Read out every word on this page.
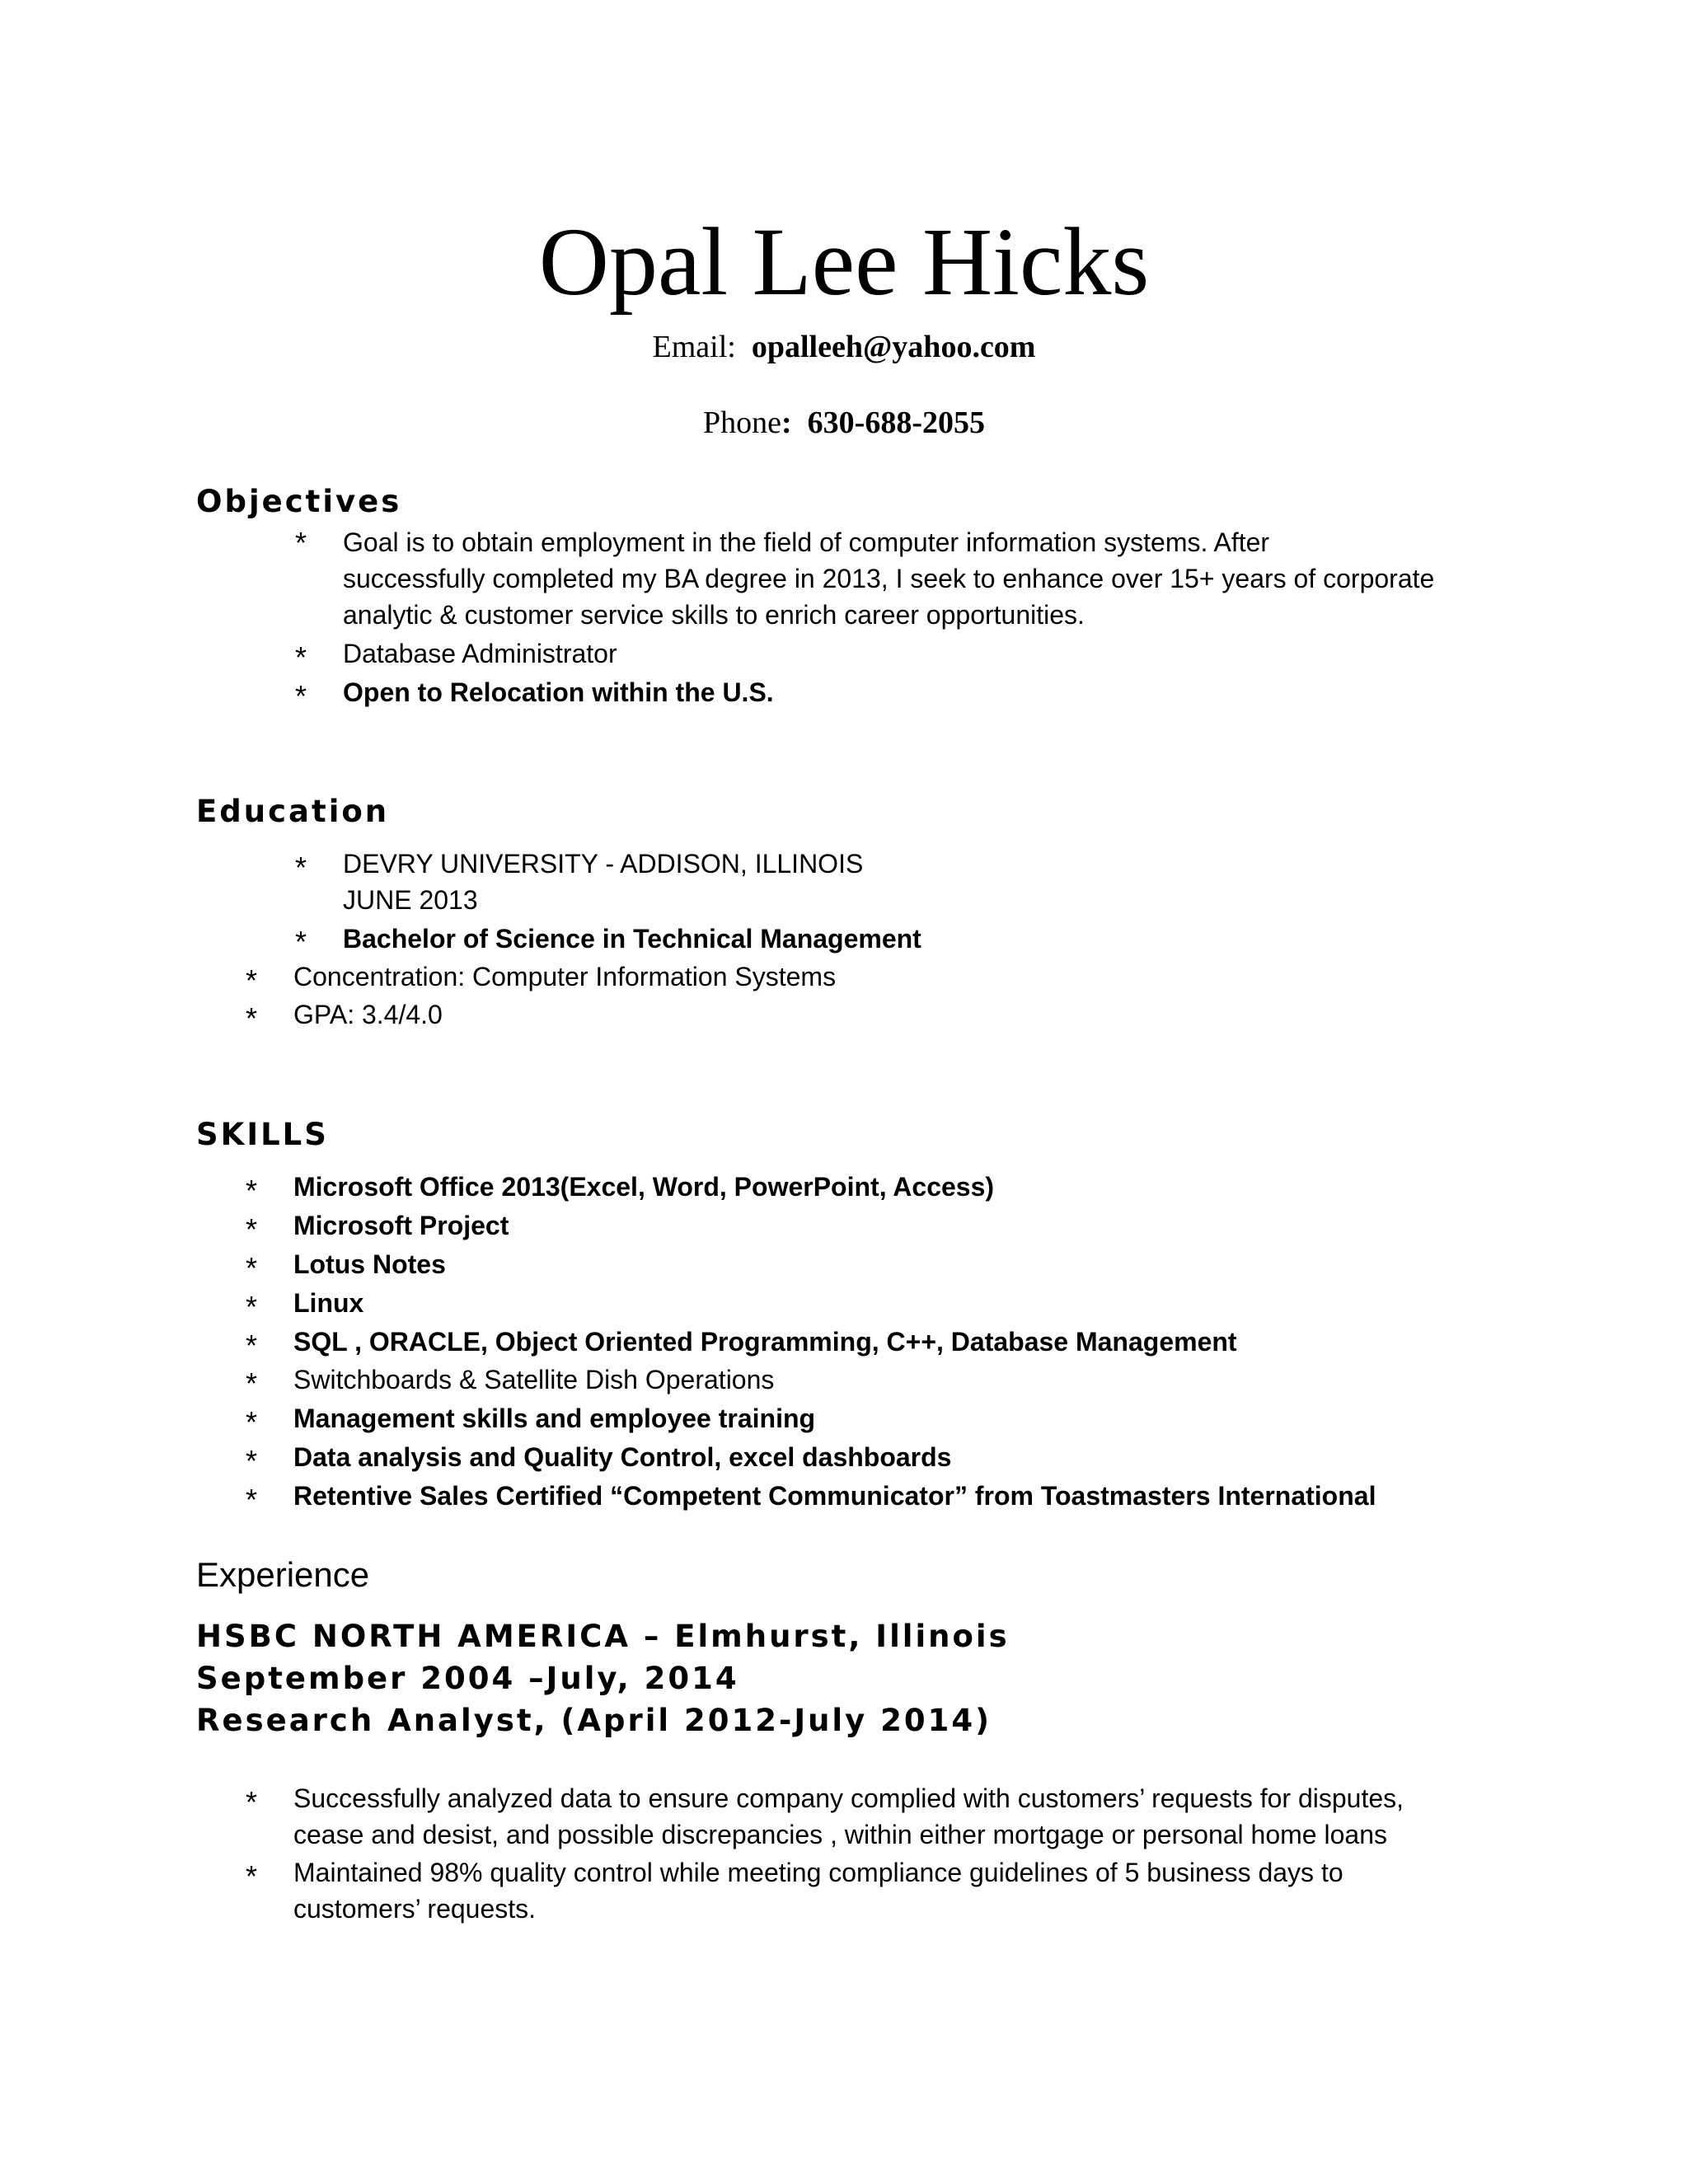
Opal Lee Hicks
Email: opalleeh@yahoo.com
Phone: 630-688-2055
Objectives
* Goal is to obtain employment in the field of computer information systems. After
successfully completed my BA degree in 2013, I seek to enhance over 15+ years of corporate
analytic & customer service skills to enrich career opportunities.
* Database Administrator
* Open to Relocation within the U.S.
Education
* DEVRY UNIVERSITY - ADDISON, ILLINOIS
JUNE 2013
* Bachelor of Science in Technical Management
* Concentration: Computer Information Systems
* GPA: 3.4/4.0
SKILLS
* Microsoft Office 2013(Excel, Word, PowerPoint, Access)
* Microsoft Project
* Lotus Notes
* Linux
* SQL , ORACLE, Object Oriented Programming, C++, Database Management
* Switchboards & Satellite Dish Operations
* Management skills and employee training
* Data analysis and Quality Control, excel dashboards
* Retentive Sales Certified “Competent Communicator” from Toastmasters International
Experience
HSBC NORTH AMERICA – Elmhurst, Illinois
September 2004 –July, 2014
Research Analyst, (April 2012-July 2014)
* Successfully analyzed data to ensure company complied with customers’ requests for disputes,
cease and desist, and possible discrepancies , within either mortgage or personal home loans
* Maintained 98% quality control while meeting compliance guidelines of 5 business days to
customers’ requests.
